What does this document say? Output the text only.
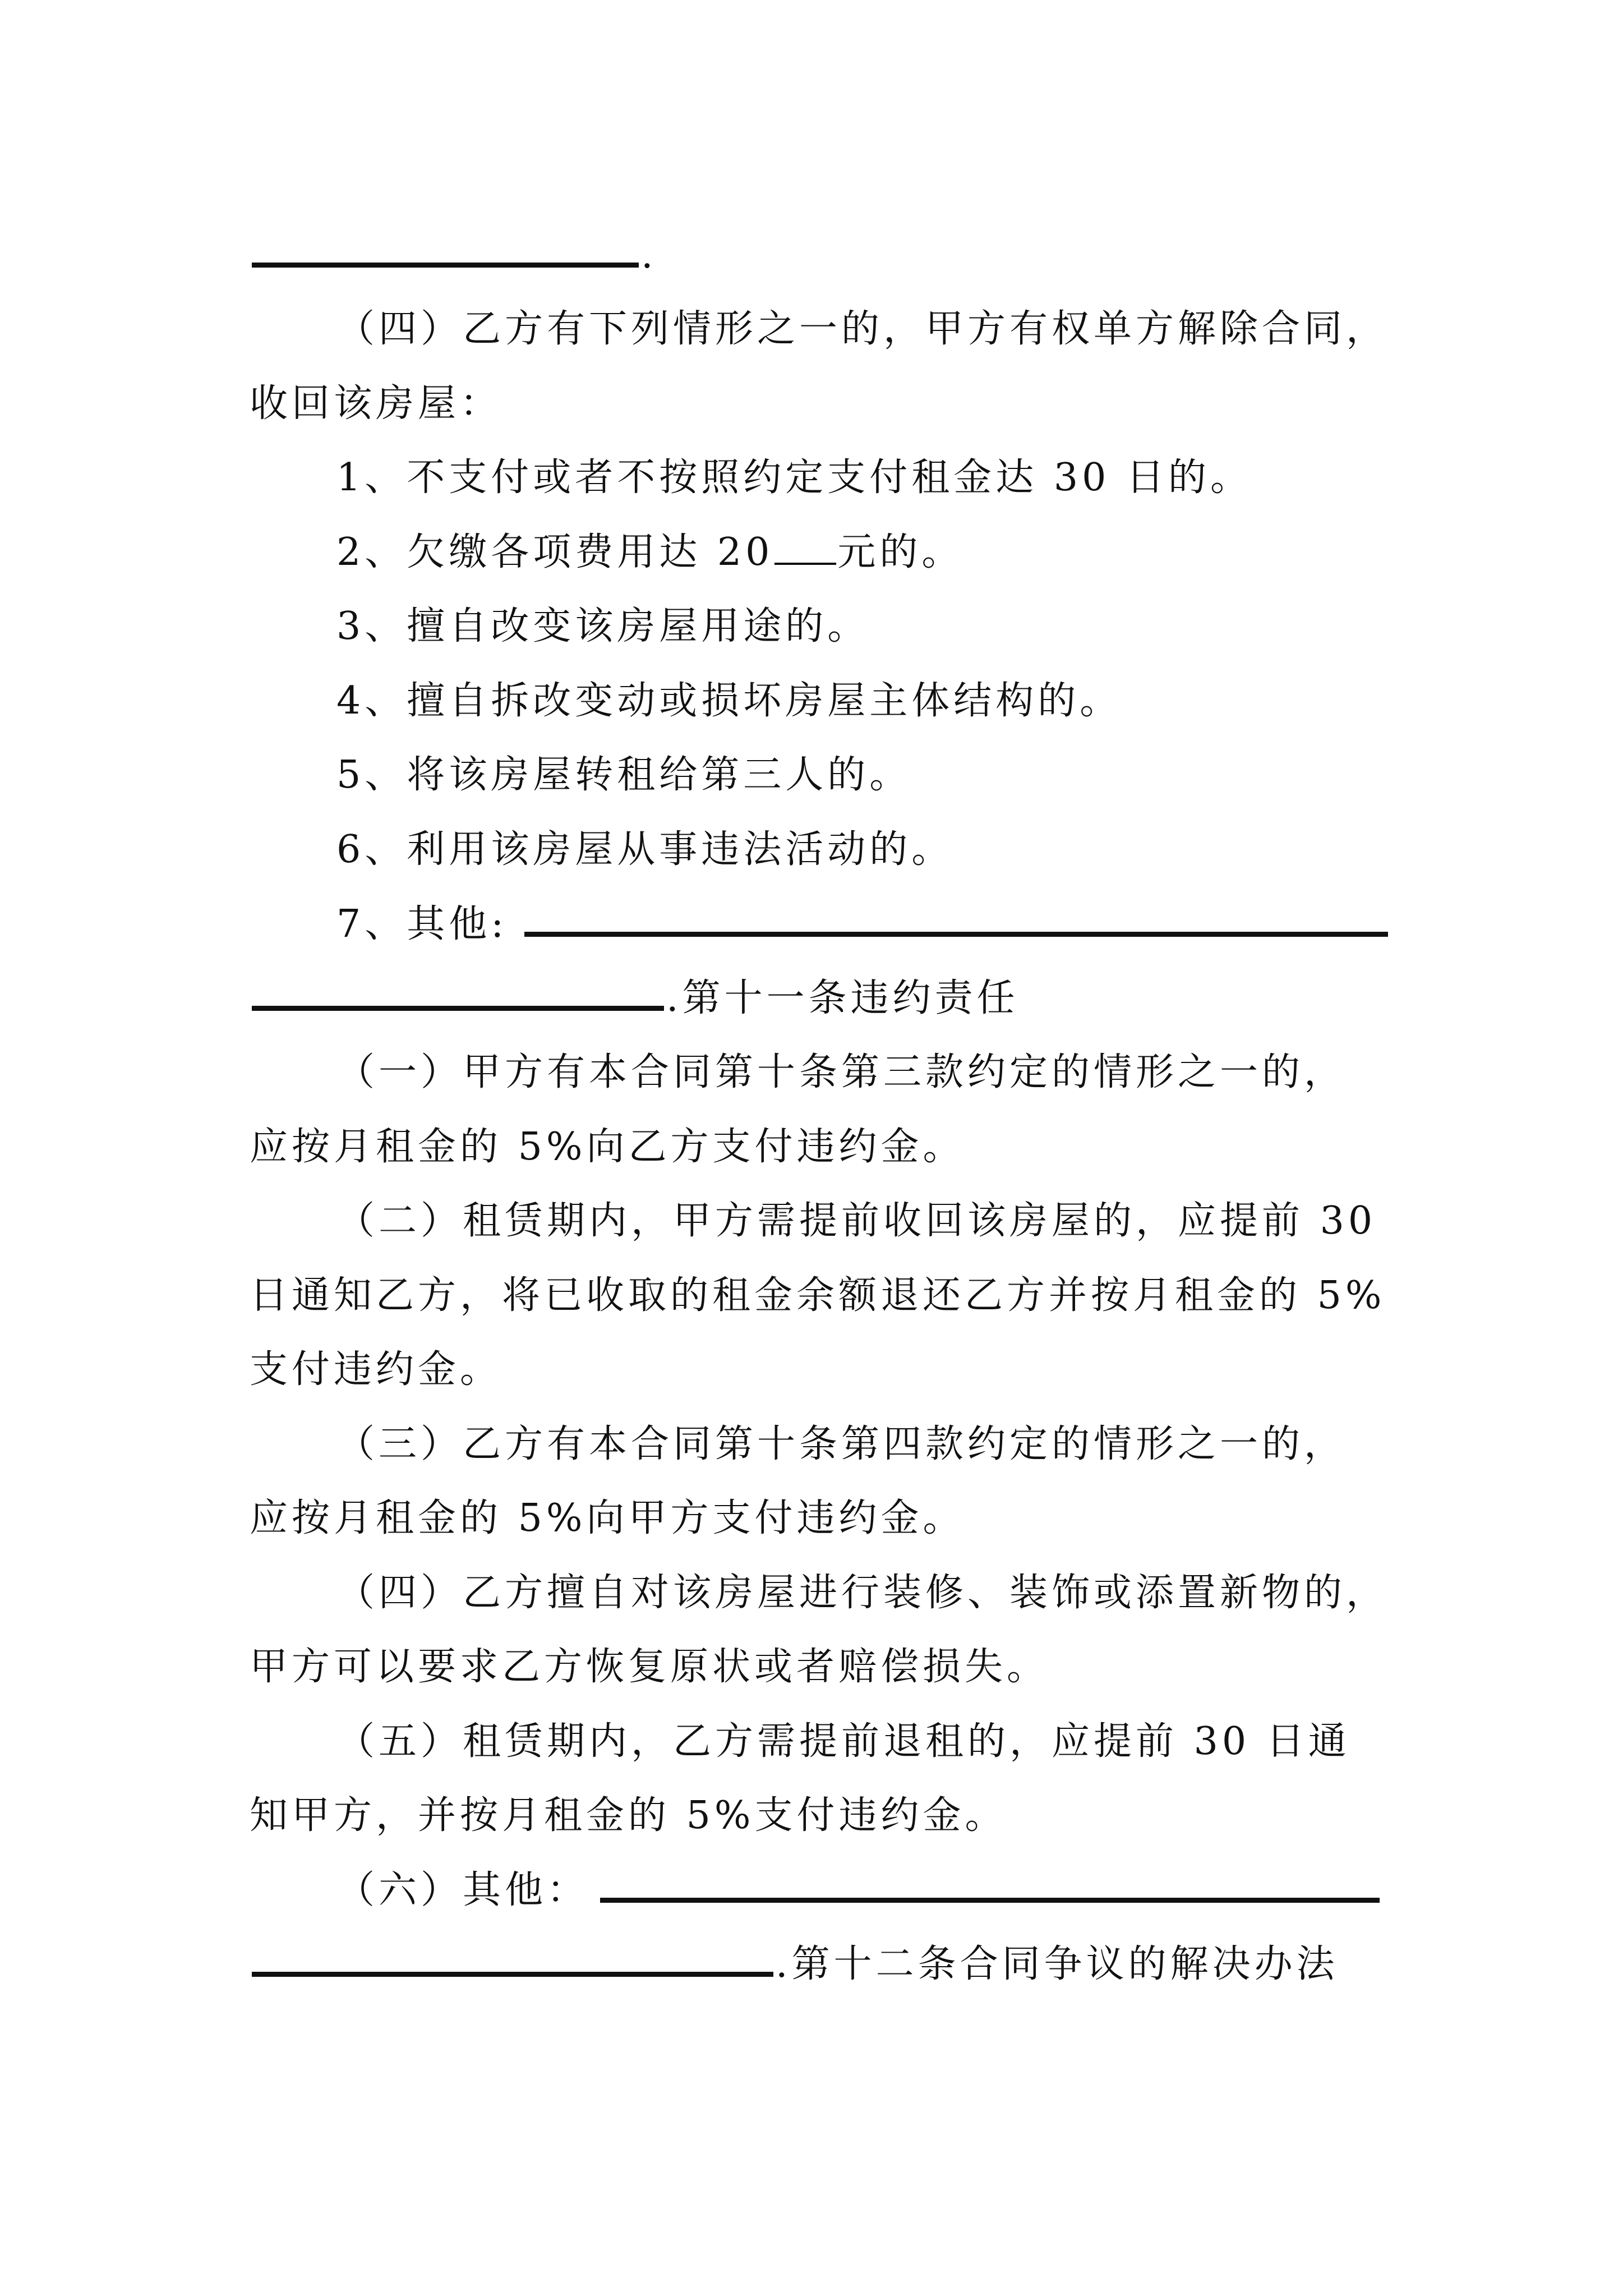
.
（四）乙方有下列情形之一的，甲方有权单方解除合同，
收回该房屋：
1、不支付或者不按照约定支付租金达 30 日的。
2、欠缴各项费用达 20 元的。
3、擅自改变该房屋用途的。
4、擅自拆改变动或损坏房屋主体结构的。
5、将该房屋转租给第三人的。
6、利用该房屋从事违法活动的。
7、其他:
.第十一条违约责任
（一）甲方有本合同第十条第三款约定的情形之一的，
应按月租金的 5%向乙方支付违约金。
（二）租赁期内，甲方需提前收回该房屋的，应提前 30
日通知乙方，将已收取的租金余额退还乙方并按月租金的 5%
支付违约金。
（三）乙方有本合同第十条第四款约定的情形之一的，
应按月租金的 5%向甲方支付违约金。
（四）乙方擅自对该房屋进行装修、装饰或添置新物的，
甲方可以要求乙方恢复原状或者赔偿损失。
（五）租赁期内，乙方需提前退租的，应提前 30 日通
知甲方，并按月租金的 5%支付违约金。
（六）其他：
.第十二条合同争议的解决办法
